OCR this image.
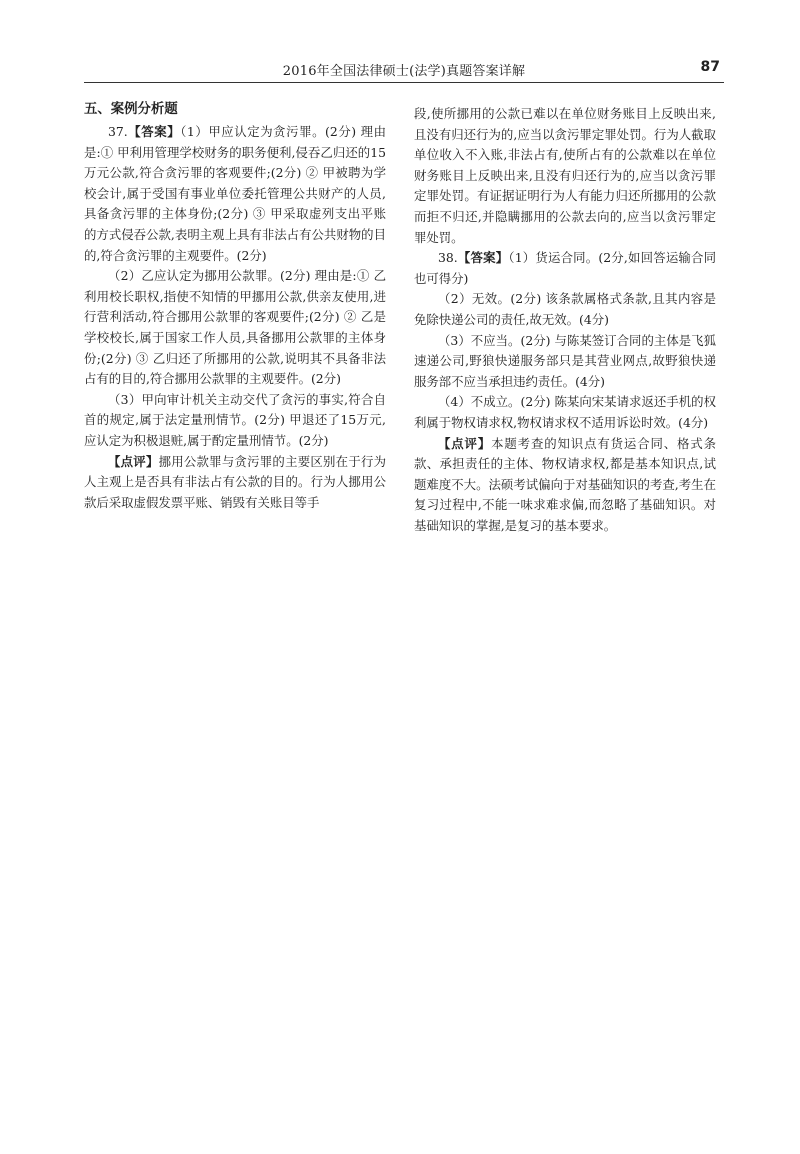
2016年全国法律硕士(法学)真题答案详解	87

五、案例分析题

37.【答案】（1）甲应认定为贪污罪。(2分) 理由是:① 甲利用管理学校财务的职务便利,侵吞乙归还的15万元公款,符合贪污罪的客观要件;(2分) ② 甲被聘为学校会计,属于受国有事业单位委托管理公共财产的人员,具备贪污罪的主体身份;(2分) ③ 甲采取虚列支出平账的方式侵吞公款,表明主观上具有非法占有公共财物的目的,符合贪污罪的主观要件。(2分)

（2）乙应认定为挪用公款罪。(2分) 理由是:① 乙利用校长职权,指使不知情的甲挪用公款,供亲友使用,进行营利活动,符合挪用公款罪的客观要件;(2分) ② 乙是学校校长,属于国家工作人员,具备挪用公款罪的主体身份;(2分) ③ 乙归还了所挪用的公款,说明其不具备非法占有的目的,符合挪用公款罪的主观要件。(2分)

（3）甲向审计机关主动交代了贪污的事实,符合自首的规定,属于法定量刑情节。(2分) 甲退还了15万元,应认定为积极退赃,属于酌定量刑情节。(2分)

【点评】挪用公款罪与贪污罪的主要区别在于行为人主观上是否具有非法占有公款的目的。行为人挪用公款后采取虚假发票平账、销毁有关账目等手

段,使所挪用的公款已难以在单位财务账目上反映出来,且没有归还行为的,应当以贪污罪定罪处罚。行为人截取单位收入不入账,非法占有,使所占有的公款难以在单位财务账目上反映出来,且没有归还行为的,应当以贪污罪定罪处罚。有证据证明行为人有能力归还所挪用的公款而拒不归还,并隐瞒挪用的公款去向的,应当以贪污罪定罪处罚。

38.【答案】（1）货运合同。(2分,如回答运输合同也可得分)

（2）无效。(2分) 该条款属格式条款,且其内容是免除快递公司的责任,故无效。(4分)

（3）不应当。(2分) 与陈某签订合同的主体是飞狐速递公司,野狼快递服务部只是其营业网点,故野狼快递服务部不应当承担违约责任。(4分)

（4）不成立。(2分) 陈某向宋某请求返还手机的权利属于物权请求权,物权请求权不适用诉讼时效。(4分)

【点评】本题考查的知识点有货运合同、格式条款、承担责任的主体、物权请求权,都是基本知识点,试题难度不大。法硕考试偏向于对基础知识的考查,考生在复习过程中,不能一味求难求偏,而忽略了基础知识。对基础知识的掌握,是复习的基本要求。
